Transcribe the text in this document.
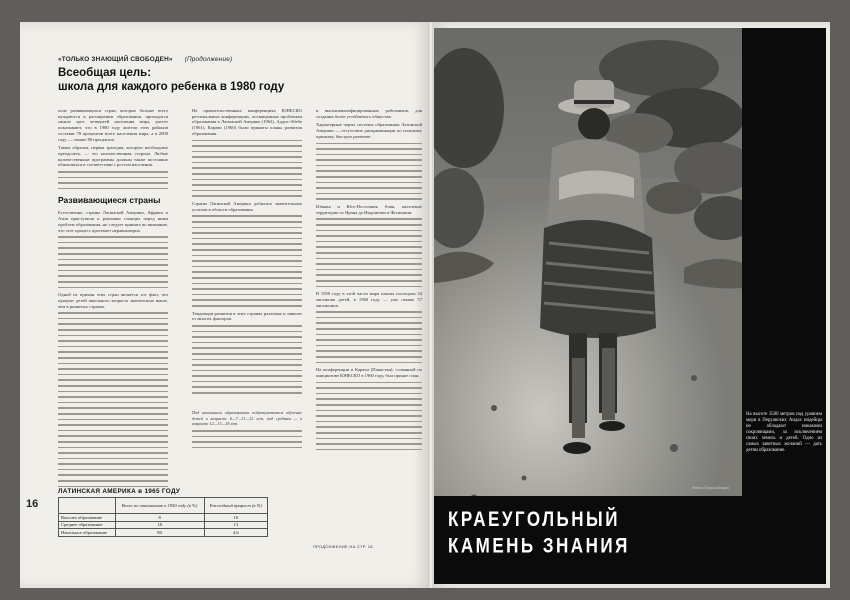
«ТОЛЬКО ЗНАЮЩИЙ СВОБОДЕН» (Продолжение)
Всеобщая цель:
школа для каждого ребенка в 1980 году
поле развивающихся стран, которые больше всего нуждаются в расширении образования, приходится свыше трех четвертей населения мира, растет показывают, что в 1980 году жители этих районов составят 78 процентов всего населения мира, а в 2000 году — свыше 80 процентов.
Таким образом, первая трагедия, которую необходимо преодолеть, — это количественная сторона. Любые количественные программы должны также постоянно обновляться в соответствии с ростом населения.
Развивающиеся страны
Естественно, страны Латинской Америки, Африки и Азии приступили к решению стоящих перед ними проблем образования, но следует принять во внимание, что этот процесс протекает неравномерно.
Одной из причин этих стран является тот факт, что процент детей школьного возраста значительно выше, чем в развитых странах.
На правительственных конференциях ЮНЕСКО региональных конференциях, посвященных проблемам образования в Латинской Америке (1962), Аддис-Абебе (1961), Карачи (1960) были приняты планы развития образования.
Страны Латинской Америки добились значительных успехов в области образования.
Тенденция развития в этих странах различна и зависит от многих факторов.
Под начальным образованием подразумевается обучение детей в возрасте 6—7—11—12 лет, под средним — в возрасте 12—13—18 лет.
и высококвалифицированных работников, для создания более устойчивого общества.
Характерные черты системы образования Латинской Америки — отсутствие дискриминации по половому признаку, быстрое развитие.
Южная и Юго-Восточная Азия, население территории от Ирана до Индонезии и Филиппин.
В 1950 году в этой части мира школы посещали 34 миллиона детей, в 1960 году — уже свыше 57 миллионов.
На конференции в Карачи (Пакистан), созванной по инициативе ЮНЕСКО в 1960 году, был принят план.
16
ЛАТИНСКАЯ АМЕРИКА в 1965 ГОДУ
	Всего по отношению к 1950 году (в %)	Ежегодный прирост (в %)
Высшее образование	8	10
Среднее образование	18	13
Начальное образование	80	4,6
ПРОДОЛЖЕНИЕ НА СТР. 18
Фото Пьера Аллара
КРАЕУГОЛЬНЫЙ
КАМЕНЬ ЗНАНИЯ
На высоте 3500 метров над уровнем моря в Перуанских Андах индейцы не обладают никакими сокровищами, за исключением своих земель и детей. Одно из самых заветных желаний — дать детям образование.
